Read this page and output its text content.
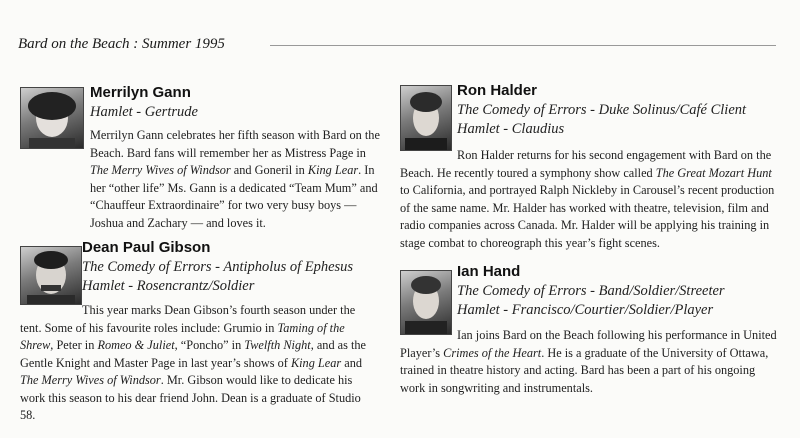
Bard on the Beach : Summer 1995
Merrilyn Gann
Hamlet - Gertrude
Merrilyn Gann celebrates her fifth season with Bard on the Beach. Bard fans will remember her as Mistress Page in The Merry Wives of Windsor and Goneril in King Lear. In her “other life” Ms. Gann is a dedicated “Team Mum” and “Chauffeur Extraordinaire” for two very busy boys — Joshua and Zachary — and loves it.
Dean Paul Gibson
The Comedy of Errors - Antipholus of Ephesus
Hamlet - Rosencrantz/Soldier
This year marks Dean Gibson’s fourth season under the tent. Some of his favourite roles include: Grumio in Taming of the Shrew, Peter in Romeo & Juliet, “Poncho” in Twelfth Night, and as the Gentle Knight and Master Page in last year’s shows of King Lear and The Merry Wives of Windsor. Mr. Gibson would like to dedicate his work this season to his dear friend John. Dean is a graduate of Studio 58.
Ron Halder
The Comedy of Errors - Duke Solinus/Café Client
Hamlet - Claudius
Ron Halder returns for his second engagement with Bard on the Beach. He recently toured a symphony show called The Great Mozart Hunt to California, and portrayed Ralph Nickleby in Carousel’s recent production of the same name. Mr. Halder has worked with theatre, television, film and radio companies across Canada. Mr. Halder will be applying his training in stage combat to choreograph this year’s fight scenes.
Ian Hand
The Comedy of Errors - Band/Soldier/Streeter
Hamlet - Francisco/Courtier/Soldier/Player
Ian joins Bard on the Beach following his performance in United Player’s Crimes of the Heart. He is a graduate of the University of Ottawa, trained in theatre history and acting. Bard has been a part of his ongoing work in songwriting and instrumentals.
